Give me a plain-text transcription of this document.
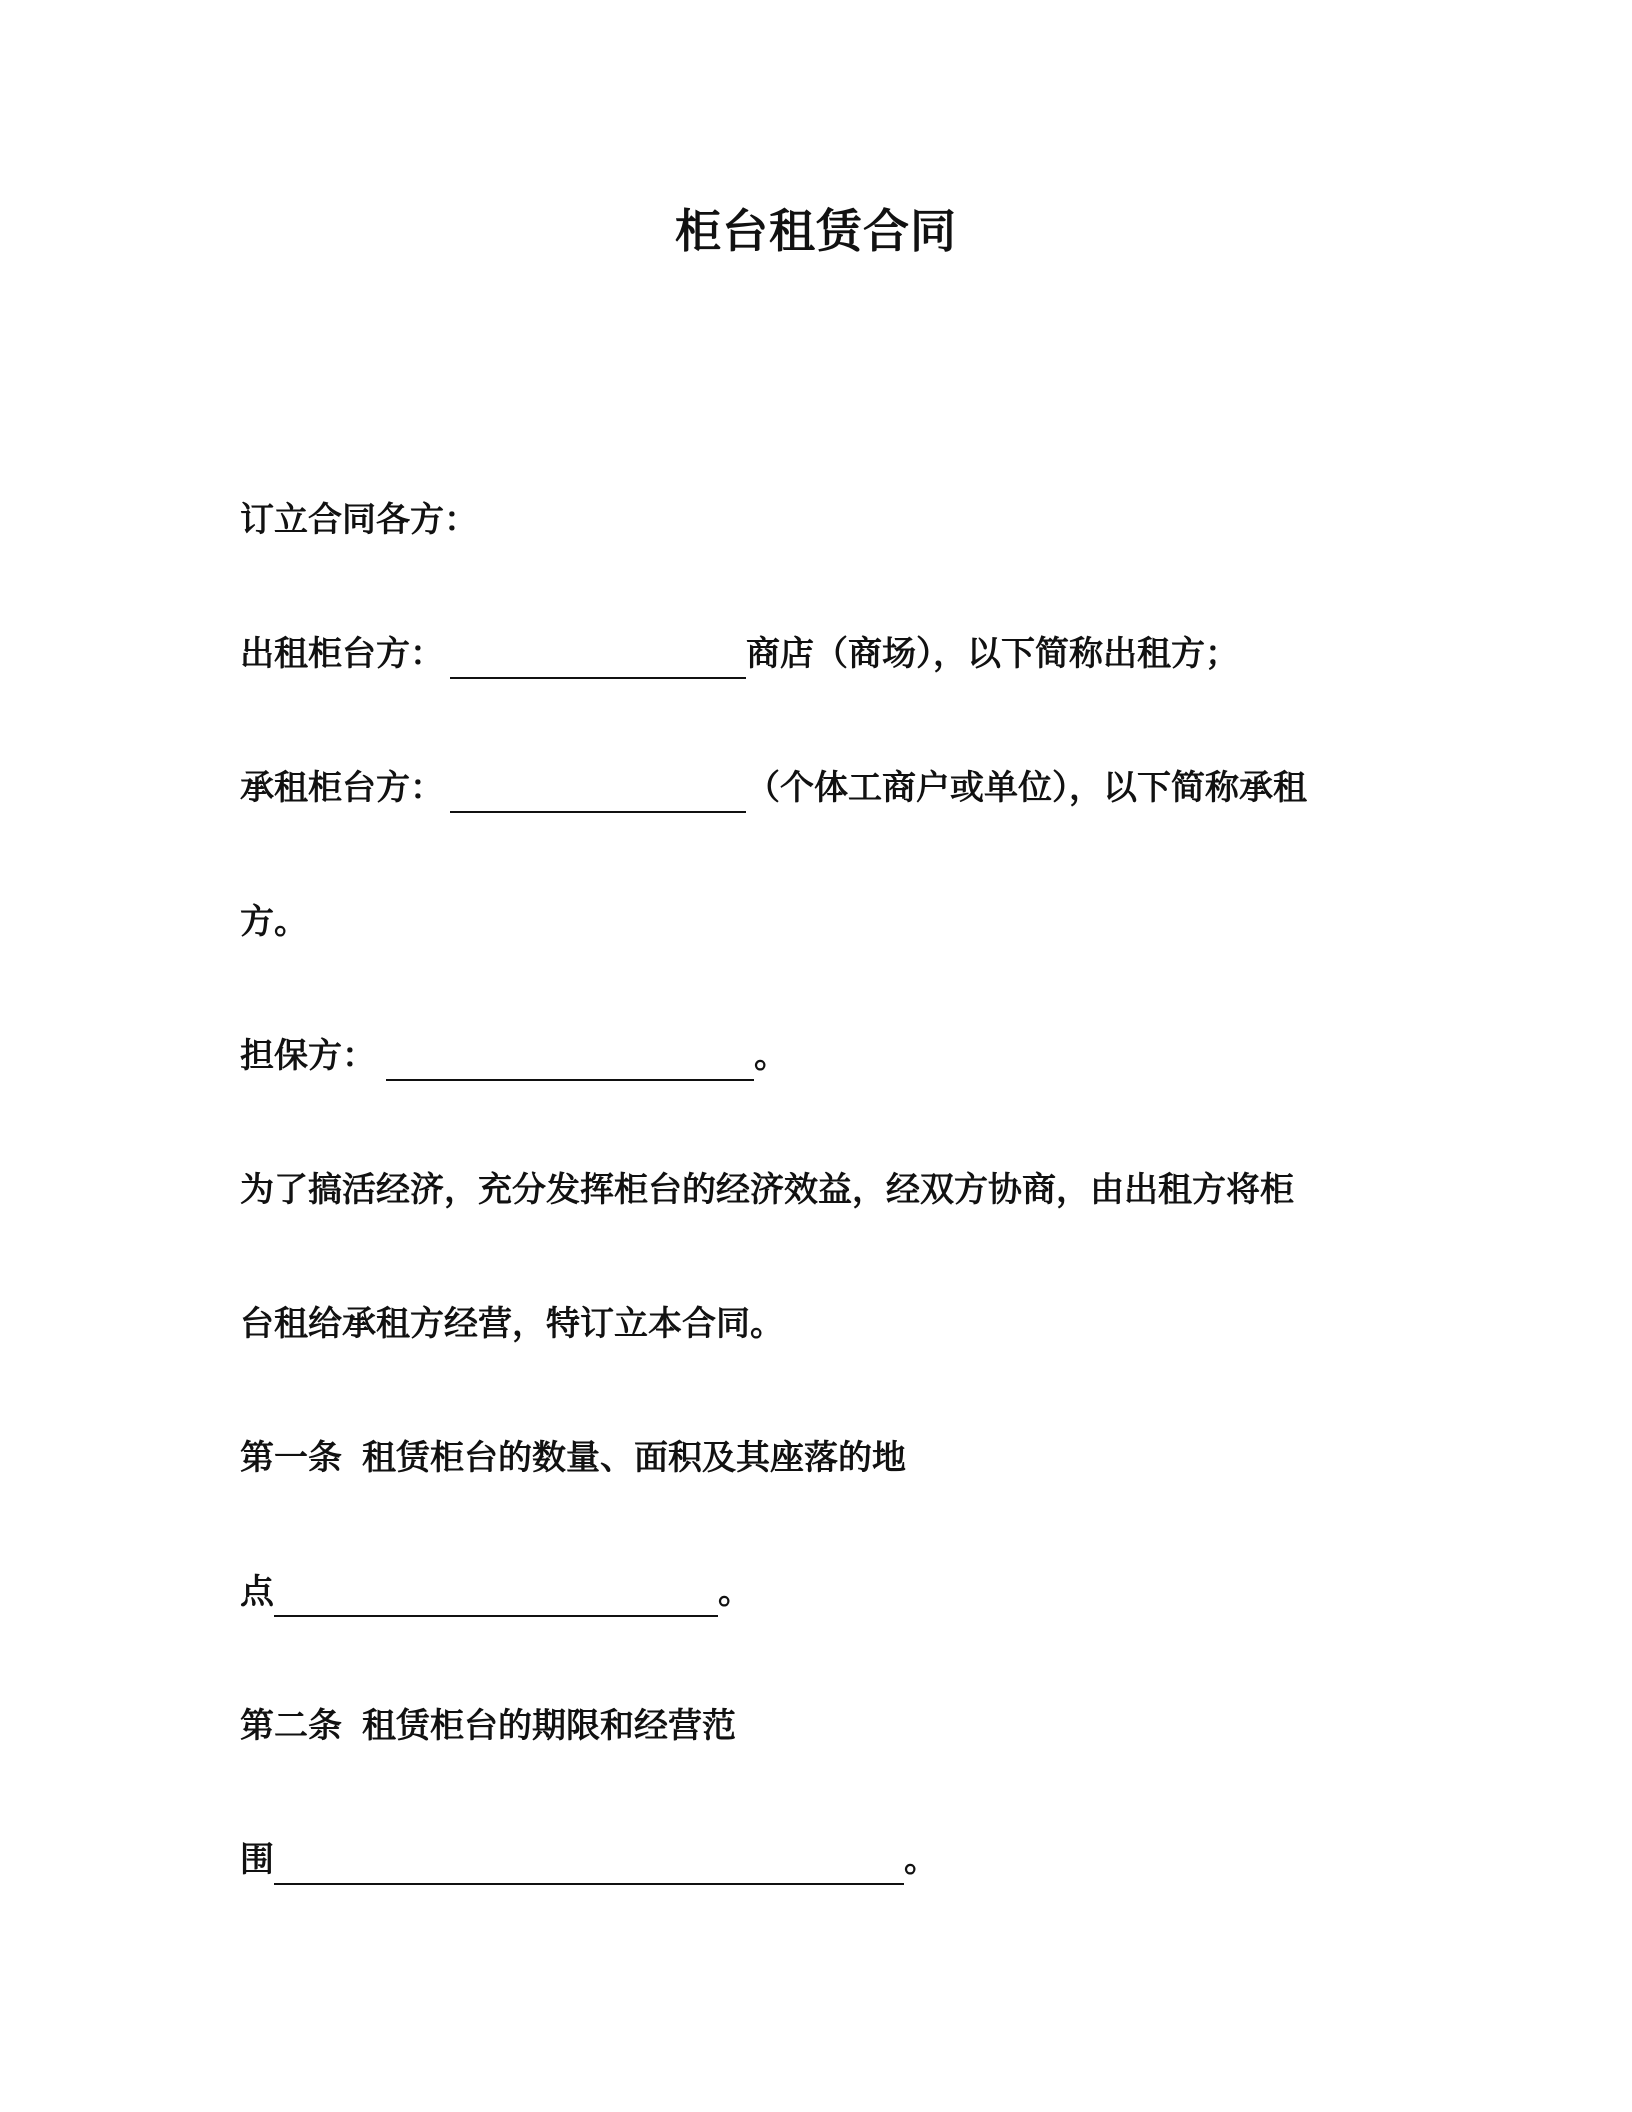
柜台租赁合同
订立合同各方：
出租柜台方：	商店（商场），以下简称出租方；
承租柜台方：	（个体工商户或单位），以下简称承租
方。
担保方：	。
为了搞活经济，充分发挥柜台的经济效益，经双方协商，由出租方将柜
台租给承租方经营，特订立本合同。
第一条 租赁柜台的数量、面积及其座落的地
点	。
第二条 租赁柜台的期限和经营范
围	。
